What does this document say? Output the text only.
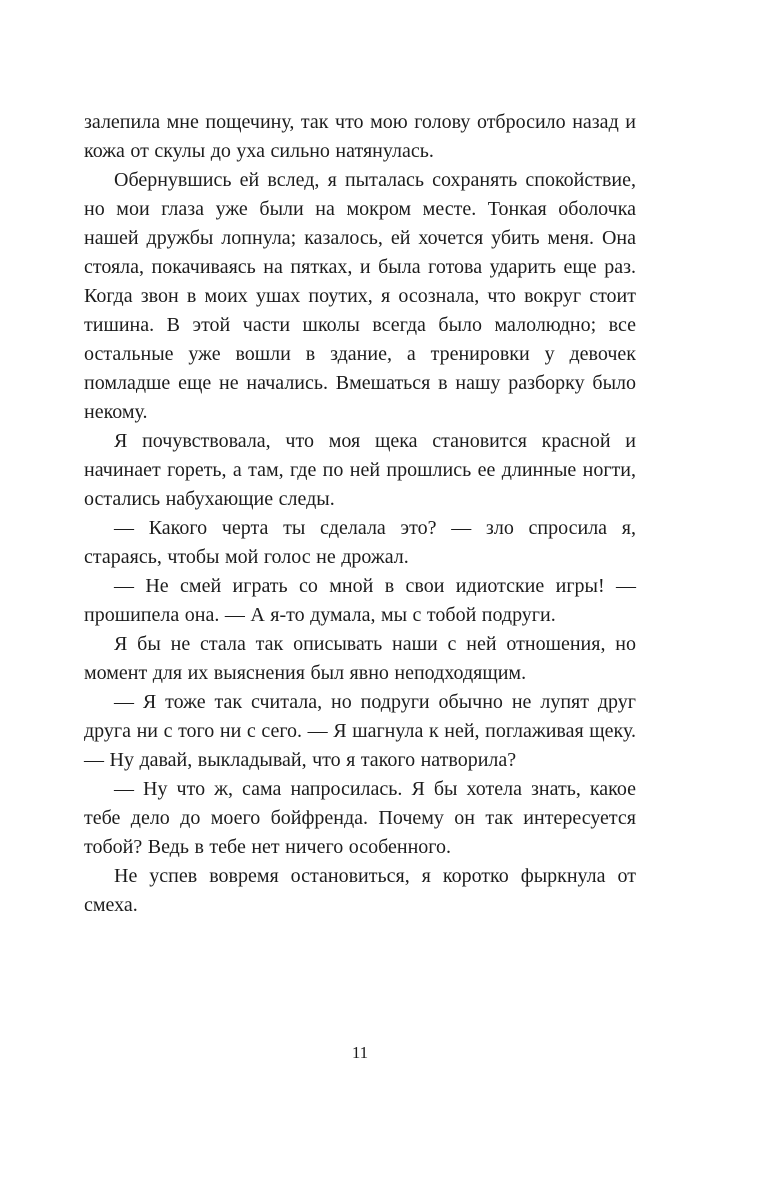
залепила мне пощечину, так что мою голову отбросило назад и кожа от скулы до уха сильно натянулась.

Обернувшись ей вслед, я пыталась сохранять спокойствие, но мои глаза уже были на мокром месте. Тонкая оболочка нашей дружбы лопнула; казалось, ей хочется убить меня. Она стояла, покачиваясь на пятках, и была готова ударить еще раз. Когда звон в моих ушах поутих, я осознала, что вокруг стоит тишина. В этой части школы всегда было малолюдно; все остальные уже вошли в здание, а тренировки у девочек помладше еще не начались. Вмешаться в нашу разборку было некому.

Я почувствовала, что моя щека становится красной и начинает гореть, а там, где по ней прошлись ее длинные ногти, остались набухающие следы.

— Какого черта ты сделала это? — зло спросила я, стараясь, чтобы мой голос не дрожал.

— Не смей играть со мной в свои идиотские игры! — прошипела она. — А я-то думала, мы с тобой подруги.

Я бы не стала так описывать наши с ней отношения, но момент для их выяснения был явно неподходящим.

— Я тоже так считала, но подруги обычно не лупят друг друга ни с того ни с сего. — Я шагнула к ней, поглаживая щеку. — Ну давай, выкладывай, что я такого натворила?

— Ну что ж, сама напросилась. Я бы хотела знать, какое тебе дело до моего бойфренда. Почему он так интересуется тобой? Ведь в тебе нет ничего особенного.

Не успев вовремя остановиться, я коротко фыркнула от смеха.

11
